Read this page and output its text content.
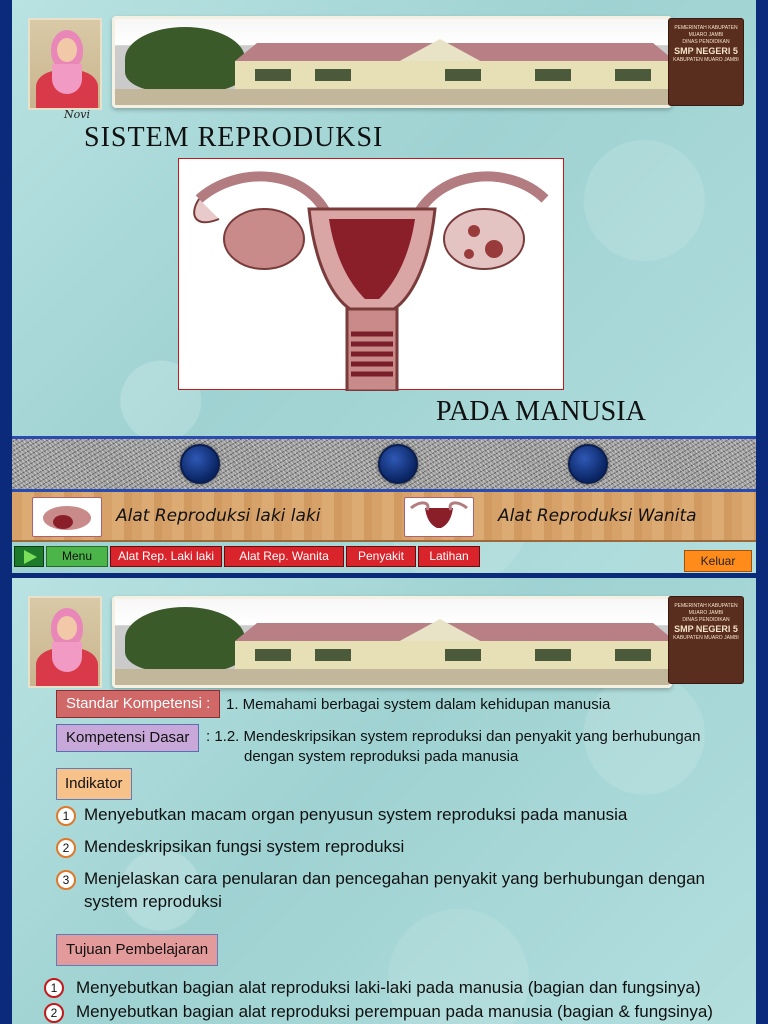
Novi
PEMERINTAH KABUPATEN MUARO JAMBI
DINAS PENDIDIKAN
SMP NEGERI 5
KABUPATEN MUARO JAMBI
SISTEM REPRODUKSI
PADA MANUSIA
Alat Reproduksi laki laki	Alat Reproduksi Wanita
Menu	Alat Rep. Laki laki	Alat Rep. Wanita	Penyakit	Latihan	Keluar
PEMERINTAH KABUPATEN MUARO JAMBI
DINAS PENDIDIKAN
SMP NEGERI 5
KABUPATEN MUARO JAMBI
Standar Kompetensi :	1. Memahami berbagai system dalam kehidupan manusia
Kompetensi Dasar	: 1.2. Mendeskripsikan system reproduksi dan penyakit yang berhubungan
dengan system reproduksi pada manusia
Indikator
1 Menyebutkan macam organ penyusun system reproduksi pada manusia
2 Mendeskripsikan fungsi system reproduksi
3 Menjelaskan cara penularan dan pencegahan penyakit yang berhubungan dengan
system reproduksi
Tujuan Pembelajaran
1	Menyebutkan bagian alat reproduksi laki-laki pada manusia (bagian dan fungsinya)
2	Menyebutkan bagian alat reproduksi perempuan pada manusia (bagian & fungsinya)
